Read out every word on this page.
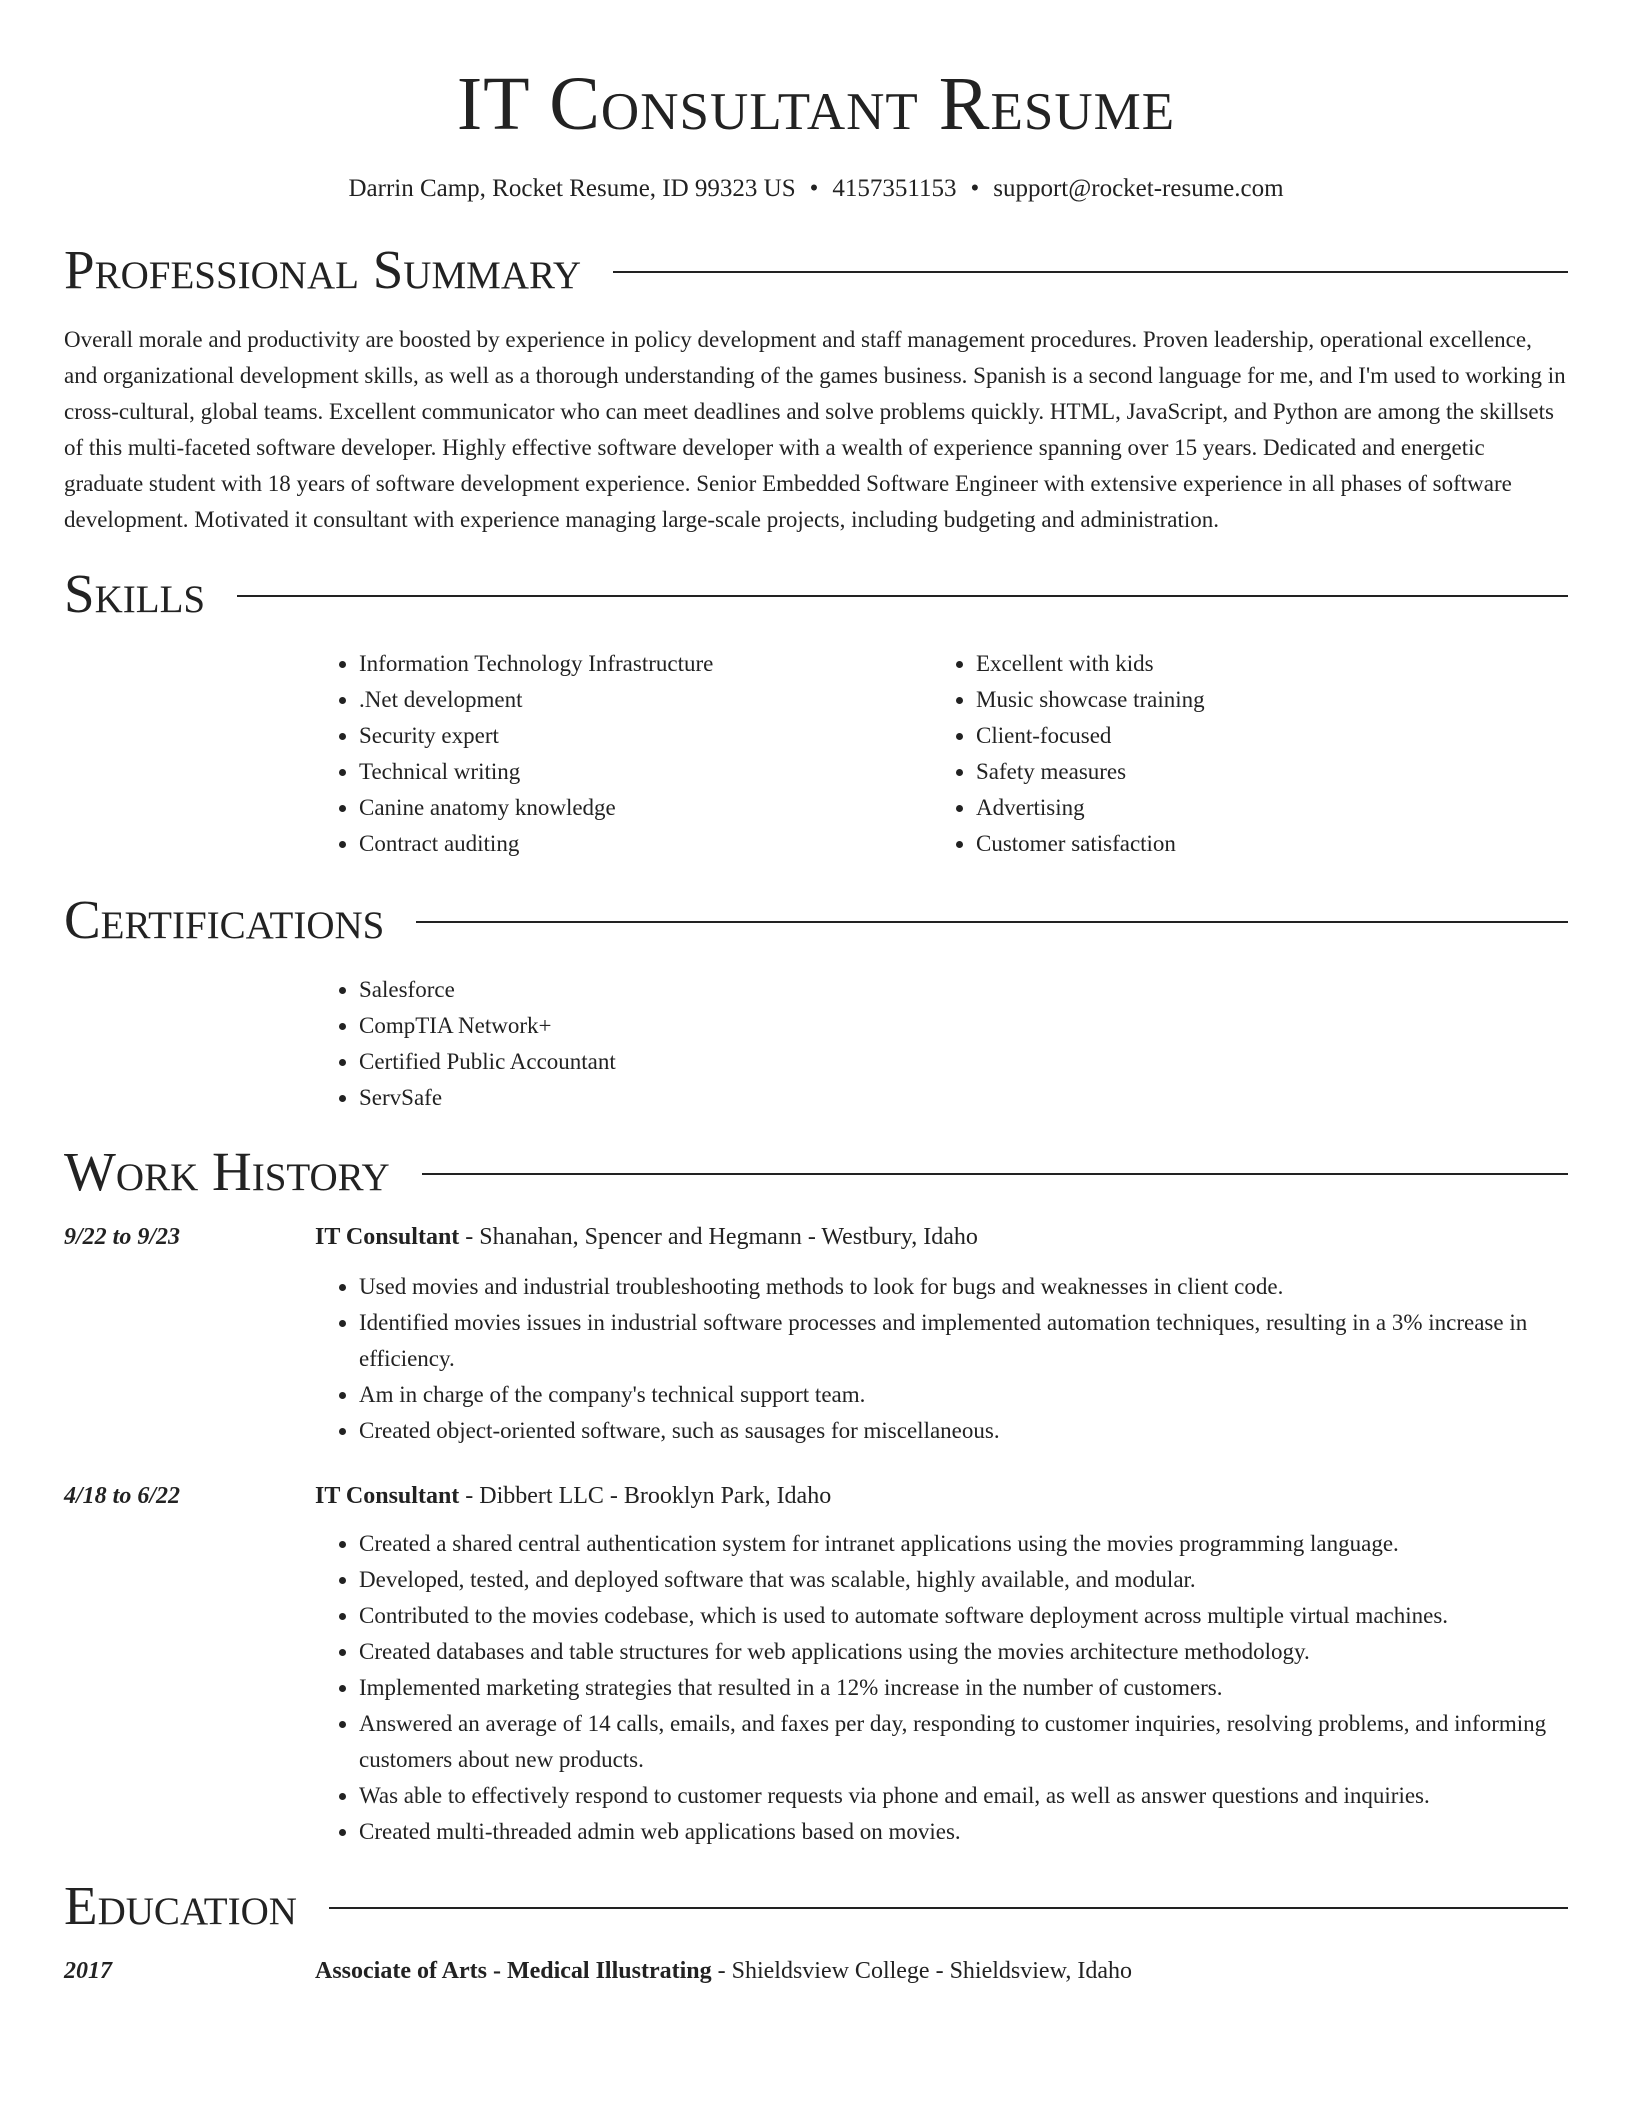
IT Consultant Resume
Darrin Camp, Rocket Resume, ID 99323 US • 4157351153 • support@rocket-resume.com
Professional Summary

Overall morale and productivity are boosted by experience in policy development and staff management procedures. Proven leadership, operational excellence, and organizational development skills, as well as a thorough understanding of the games business. Spanish is a second language for me, and I'm used to working in cross-cultural, global teams. Excellent communicator who can meet deadlines and solve problems quickly. HTML, JavaScript, and Python are among the skillsets of this multi-faceted software developer. Highly effective software developer with a wealth of experience spanning over 15 years. Dedicated and energetic graduate student with 18 years of software development experience. Senior Embedded Software Engineer with extensive experience in all phases of software development. Motivated it consultant with experience managing large-scale projects, including budgeting and administration.

Skills
• Information Technology Infrastructure
• .Net development
• Security expert
• Technical writing
• Canine anatomy knowledge
• Contract auditing
• Excellent with kids
• Music showcase training
• Client-focused
• Safety measures
• Advertising
• Customer satisfaction
Certifications
• Salesforce
• CompTIA Network+
• Certified Public Accountant
• ServSafe
Work History
9/22 to 9/23	IT Consultant - Shanahan, Spencer and Hegmann - Westbury, Idaho
• Used movies and industrial troubleshooting methods to look for bugs and weaknesses in client code.
• Identified movies issues in industrial software processes and implemented automation techniques, resulting in a 3% increase in efficiency.
• Am in charge of the company's technical support team.
• Created object-oriented software, such as sausages for miscellaneous.
4/18 to 6/22	IT Consultant - Dibbert LLC - Brooklyn Park, Idaho
• Created a shared central authentication system for intranet applications using the movies programming language.
• Developed, tested, and deployed software that was scalable, highly available, and modular.
• Contributed to the movies codebase, which is used to automate software deployment across multiple virtual machines.
• Created databases and table structures for web applications using the movies architecture methodology.
• Implemented marketing strategies that resulted in a 12% increase in the number of customers.
• Answered an average of 14 calls, emails, and faxes per day, responding to customer inquiries, resolving problems, and informing customers about new products.
• Was able to effectively respond to customer requests via phone and email, as well as answer questions and inquiries.
• Created multi-threaded admin web applications based on movies.
Education
2017	Associate of Arts - Medical Illustrating - Shieldsview College - Shieldsview, Idaho
